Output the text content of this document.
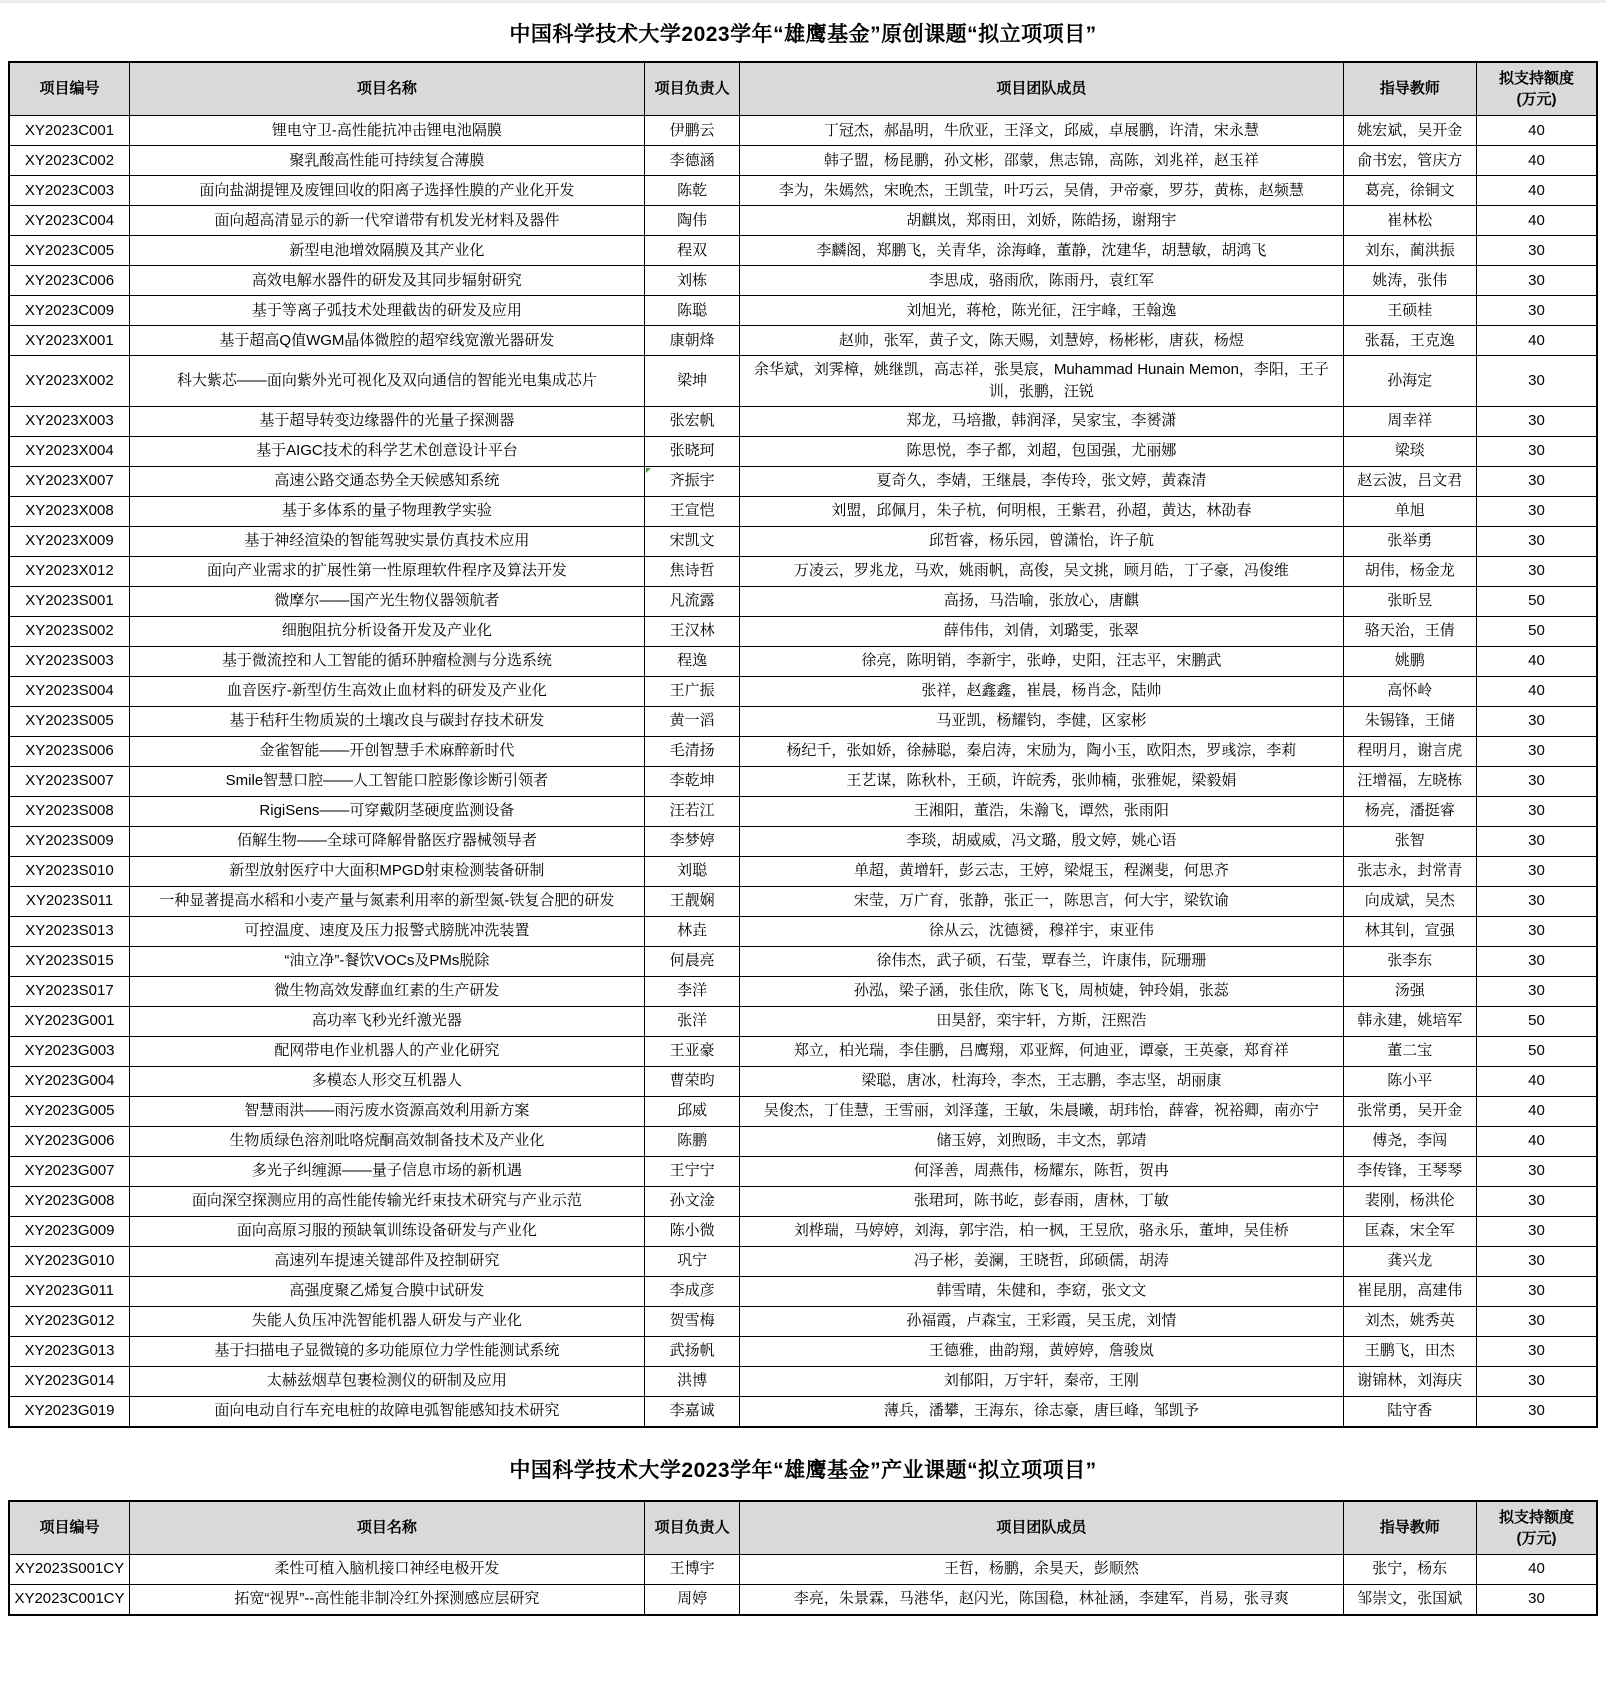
中国科学技术大学2023学年“雄鹰基金”原创课题“拟立项项目”
项目编号	项目名称	项目负责人	项目团队成员	指导教师	拟支持额度
(万元)

XY2023C001	锂电守卫-高性能抗冲击锂电池隔膜	伊鹏云	丁冠杰，郝晶明，牛欣亚，王泽文，邱威，卓展鹏，许清，宋永慧	姚宏斌，吴开金	40
XY2023C002	聚乳酸高性能可持续复合薄膜	李德涵	韩子盟，杨昆鹏，孙文彬，邵蒙，焦志锦，高陈，刘兆祥，赵玉祥	俞书宏，管庆方	40
XY2023C003	面向盐湖提锂及废锂回收的阳离子选择性膜的产业化开发	陈乾	李为，朱嫣然，宋晚杰，王凯莹，叶巧云，吴倩，尹帝豪，罗芬，黄栋，赵频慧	葛亮，徐铜文	40
XY2023C004	面向超高清显示的新一代窄谱带有机发光材料及器件	陶伟	胡麒岚，郑雨田，刘娇，陈皓扬，谢翔宇	崔林松	40
XY2023C005	新型电池增效隔膜及其产业化	程双	李麟阁，郑鹏飞，关青华，涂海峰，董静，沈建华，胡慧敏，胡鸿飞	刘东，蔺洪振	30
XY2023C006	高效电解水器件的研发及其同步辐射研究	刘栋	李思成，骆雨欣，陈雨丹，袁红军	姚涛，张伟	30
XY2023C009	基于等离子弧技术处理截齿的研发及应用	陈聪	刘旭光，蒋枪，陈光征，汪宇峰，王翰逸	王硕桂	30
XY2023X001	基于超高Q值WGM晶体微腔的超窄线宽激光器研发	康朝烽	赵帅，张军，黄子文，陈天赐，刘慧婷，杨彬彬，唐荻，杨煜	张磊，王克逸	40
XY2023X002	科大紫芯——面向紫外光可视化及双向通信的智能光电集成芯片	梁坤	余华斌，刘霁樟，姚继凯，高志祥，张昊宸，Muhammad Hunain Memon，李阳，王子训，张鹏，汪锐	孙海定	30
XY2023X003	基于超导转变边缘器件的光量子探测器	张宏帆	郑龙，马培撒，韩润泽，吴家宝，李赟潇	周幸祥	30
XY2023X004	基于AIGC技术的科学艺术创意设计平台	张晓珂	陈思悦，李子都，刘超，包国强，尤丽娜	梁琰	30
XY2023X007	高速公路交通态势全天候感知系统	齐振宇	夏奇久，李婧，王继晨，李传玲，张文婷，黄森清	赵云波，吕文君	30
XY2023X008	基于多体系的量子物理教学实验	王宣恺	刘盟，邱佩月，朱子杭，何明根，王紫君，孙超，黄达，林劭春	单旭	30
XY2023X009	基于神经渲染的智能驾驶实景仿真技术应用	宋凯文	邱哲睿，杨乐园，曾潇怡，许子航	张举勇	30
XY2023X012	面向产业需求的扩展性第一性原理软件程序及算法开发	焦诗哲	万凌云，罗兆龙，马欢，姚雨帆，高俊，吴文挑，顾月皓，丁子豪，冯俊维	胡伟，杨金龙	30
XY2023S001	微摩尔——国产光生物仪器领航者	凡流露	高扬，马浩喻，张放心，唐麒	张昕昱	50
XY2023S002	细胞阻抗分析设备开发及产业化	王汉林	薛伟伟，刘倩，刘璐雯，张翠	骆天治，王倩	50
XY2023S003	基于微流控和人工智能的循环肿瘤检测与分选系统	程逸	徐亮，陈明销，李新宇，张峥，史阳，汪志平，宋鹏武	姚鹏	40
XY2023S004	血音医疗-新型仿生高效止血材料的研发及产业化	王广振	张祥，赵鑫鑫，崔晨，杨肖念，陆帅	高怀岭	40
XY2023S005	基于秸秆生物质炭的土壤改良与碳封存技术研发	黄一滔	马亚凯，杨耀钧，李健，区家彬	朱锡锋，王储	30
XY2023S006	金雀智能——开创智慧手术麻醉新时代	毛清扬	杨纪千，张如娇，徐赫聪，秦启涛，宋励为，陶小玉，欧阳杰，罗彧淙，李莉	程明月，谢言虎	30
XY2023S007	Smile智慧口腔——人工智能口腔影像诊断引领者	李乾坤	王艺谋，陈秋朴，王硕，许皖秀，张帅楠，张雅妮，梁毅娟	汪增福，左晓栋	30
XY2023S008	RigiSens——可穿戴阴茎硬度监测设备	汪若江	王湘阳，董浩，朱瀚飞，谭然，张雨阳	杨亮，潘挺睿	30
XY2023S009	佰解生物——全球可降解骨骼医疗器械领导者	李梦婷	李琰，胡威威，冯文璐，殷文婷，姚心语	张智	30
XY2023S010	新型放射医疗中大面积MPGD射束检测装备研制	刘聪	单超，黄增轩，彭云志，王婷，梁焜玉，程渊斐，何思齐	张志永，封常青	30
XY2023S011	一种显著提高水稻和小麦产量与氮素利用率的新型氮-铁复合肥的研发	王靓娴	宋莹，万广育，张静，张正一，陈思言，何大宇，梁钦谕	向成斌，吴杰	30
XY2023S013	可控温度、速度及压力报警式膀胱冲洗装置	林垚	徐从云，沈德赟，穆祥宇，束亚伟	林其钊，宣强	30
XY2023S015	“油立净”-餐饮VOCs及PMs脱除	何晨亮	徐伟杰，武子硕，石莹，覃春兰，许康伟，阮珊珊	张李东	30
XY2023S017	微生物高效发酵血红素的生产研发	李洋	孙泓，梁子涵，张佳欣，陈飞飞，周桢婕，钟玲娟，张蕊	汤强	30
XY2023G001	高功率飞秒光纤激光器	张洋	田昊舒，栾宇轩，方斯，汪熙浩	韩永建，姚培军	50
XY2023G003	配网带电作业机器人的产业化研究	王亚豪	郑立，柏光瑞，李佳鹏，吕鹰翔，邓亚辉，何迪亚，谭豪，王英豪，郑育祥	董二宝	50
XY2023G004	多模态人形交互机器人	曹荣昀	梁聪，唐冰，杜海玲，李杰，王志鹏，李志坚，胡丽康	陈小平	40
XY2023G005	智慧雨洪——雨污废水资源高效利用新方案	邱威	吴俊杰，丁佳慧，王雪丽，刘泽蓬，王敏，朱晨曦，胡玮怡，薛睿，祝裕卿，南亦宁	张常勇，吴开金	40
XY2023G006	生物质绿色溶剂吡咯烷酮高效制备技术及产业化	陈鹏	储玉婷，刘煦旸，丰文杰，郭靖	傅尧，李闯	40
XY2023G007	多光子纠缠源——量子信息市场的新机遇	王宁宁	何泽善，周燕伟，杨耀东，陈哲，贺冉	李传锋，王琴琴	30
XY2023G008	面向深空探测应用的高性能传输光纤束技术研究与产业示范	孙文淦	张珺珂，陈书屹，彭春雨，唐林，丁敏	裴刚，杨洪伦	30
XY2023G009	面向高原习服的预缺氧训练设备研发与产业化	陈小微	刘桦瑞，马婷婷，刘海，郭宇浩，柏一枫，王昱欣，骆永乐，董坤，吴佳桥	匡森，宋全军	30
XY2023G010	高速列车提速关键部件及控制研究	巩宁	冯子彬，姜澜，王晓哲，邱硕儒，胡涛	龚兴龙	30
XY2023G011	高强度聚乙烯复合膜中试研发	李成彦	韩雪晴，朱健和，李窈，张文文	崔昆朋，高建伟	30
XY2023G012	失能人负压冲洗智能机器人研发与产业化	贺雪梅	孙福霞，卢森宝，王彩霞，吴玉虎，刘情	刘杰，姚秀英	30
XY2023G013	基于扫描电子显微镜的多功能原位力学性能测试系统	武扬帆	王德雅，曲韵翔，黄婷婷，詹骏岚	王鹏飞，田杰	30
XY2023G014	太赫兹烟草包裹检测仪的研制及应用	洪博	刘郁阳，万宇轩，秦帝，王刚	谢锦林，刘海庆	30
XY2023G019	面向电动自行车充电桩的故障电弧智能感知技术研究	李嘉诚	薄兵，潘攀，王海东，徐志豪，唐巨峰，邹凯予	陆守香	30
中国科学技术大学2023学年“雄鹰基金”产业课题“拟立项项目”
项目编号	项目名称	项目负责人	项目团队成员	指导教师	拟支持额度
(万元)

XY2023S001CY	柔性可植入脑机接口神经电极开发	王博宇	王哲，杨鹏，余昊天，彭顺然	张宁，杨东	40
XY2023C001CY	拓宽“视界”--高性能非制冷红外探测感应层研究	周婷	李亮，朱景霖，马港华，赵闪光，陈国稳，林祉涵，李建军，肖易，张寻爽	邹崇文，张国斌	30
